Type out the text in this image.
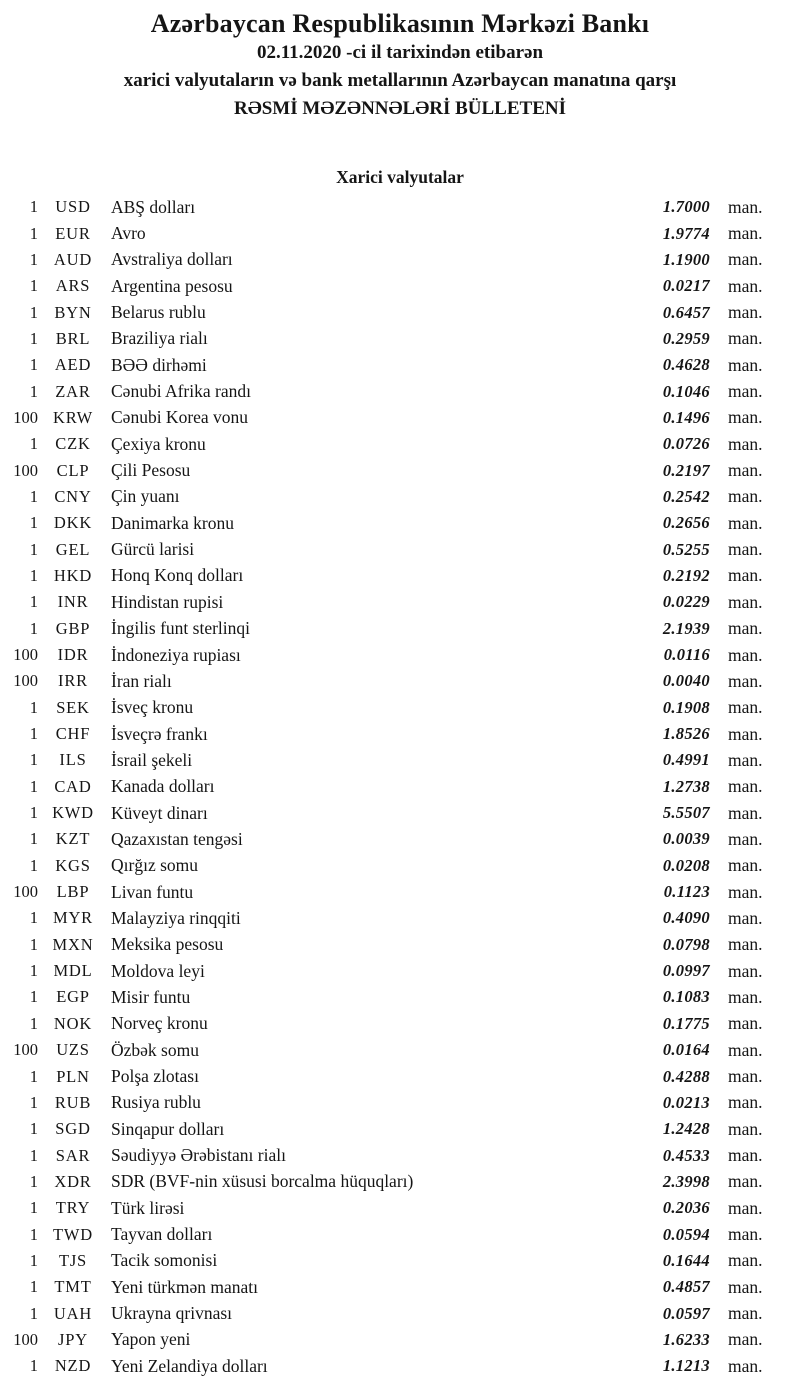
Azərbaycan Respublikasının Mərkəzi Bankı
02.11.2020 -ci il tarixindən etibarən
xarici valyutaların və bank metallarının Azərbaycan manatına qarşı
RƏSMİ MƏZƏNNƏLƏRİ BÜLLETENİ
Xarici valyutalar
1	USD	ABŞ dolları	1.7000	man.
1	EUR	Avro	1.9774	man.
1 AUD	Avstraliya dolları	1.1900	man.
1	ARS	Argentina pesosu	0.0217	man.
1 BYN	Belarus rublu	0.6457	man.
1	BRL	Braziliya rialı	0.2959	man.
1	AED	BƏƏ dirhəmi	0.4628	man.
1	ZAR	Cənubi Afrika randı	0.1046	man.
100 KRW	Cənubi Korea vonu	0.1496	man.
1	CZK	Çexiya kronu	0.0726	man.
100	CLP	Çili Pesosu	0.2197	man.
1 CNY	Çin yuanı	0.2542	man.
1 DKK	Danimarka kronu	0.2656	man.
1	GEL	Gürcü larisi	0.5255	man.
1 HKD	Honq Konq dolları	0.2192	man.
1	INR	Hindistan rupisi	0.0229	man.
1	GBP	İngilis funt sterlinqi	2.1939	man.
100	IDR	İndoneziya rupiası	0.0116	man.
100	IRR	İran rialı	0.0040	man.
1	SEK	İsveç kronu	0.1908	man.
1	CHF	İsveçrə frankı	1.8526	man.
1	ILS	İsrail şekeli	0.4991	man.
1 CAD	Kanada dolları	1.2738	man.
1 KWD Küveyt dinarı	5.5507	man.
1	KZT	Qazaxıstan tengəsi	0.0039	man.
1	KGS	Qırğız somu	0.0208	man.
100	LBP	Livan funtu	0.1123	man.
1 MYR	Malayziya rinqqiti	0.4090	man.
1 MXN	Meksika pesosu	0.0798	man.
1 MDL	Moldova leyi	0.0997	man.
1	EGP	Misir funtu	0.1083	man.
1 NOK	Norveç kronu	0.1775	man.
100	UZS	Özbək somu	0.0164	man.
1	PLN	Polşa zlotası	0.4288	man.
1	RUB	Rusiya rublu	0.0213	man.
1	SGD	Sinqapur dolları	1.2428	man.
1	SAR	Səudiyyə Ərəbistanı rialı	0.4533	man.
1 XDR	SDR (BVF-nin xüsusi borcalma hüquqları)	2.3998	man.
1	TRY	Türk lirəsi	0.2036	man.
1 TWD	Tayvan dolları	0.0594	man.
1	TJS	Tacik somonisi	0.1644	man.
1 TMT	Yeni türkmən manatı	0.4857	man.
1 UAH	Ukrayna qrivnası	0.0597	man.
100	JPY	Yapon yeni	1.6233	man.
1	NZD	Yeni Zelandiya dolları	1.1213	man.
